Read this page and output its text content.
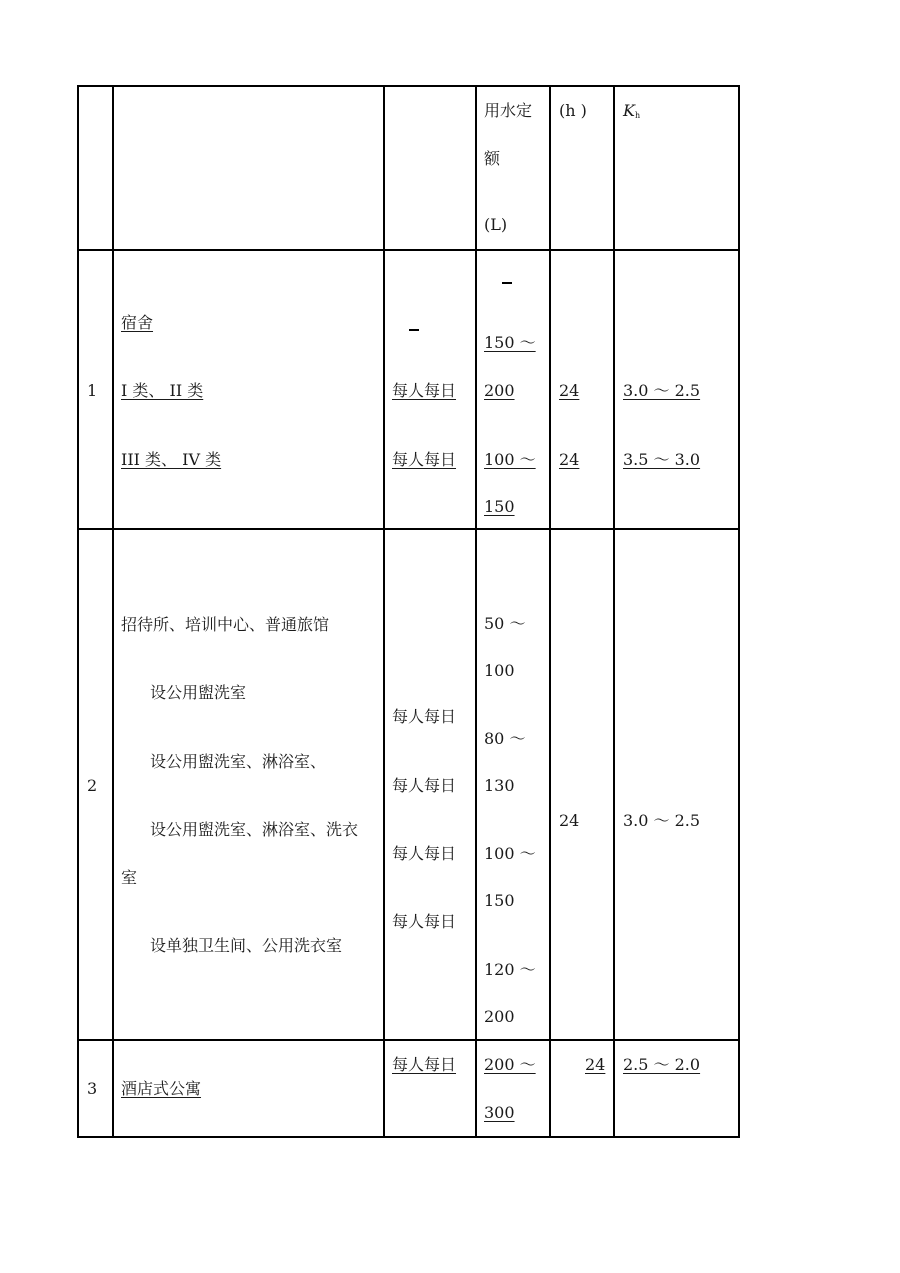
用水定
额
(L)
(h ) $K_h$
1
宿舍
I 类、 II 类
III 类、 IV 类
每人每日
每人每日
150 ～
200
100 ～
150
24
24
3.0 ～ 2.5
3.5 ～ 3.0
2
招待所、培训中心、普通旅馆
设公用盥洗室
设公用盥洗室、淋浴室、
设公用盥洗室、淋浴室、洗衣
室
设单独卫生间、公用洗衣室
每人每日
每人每日
每人每日
每人每日
50 ～
100
80 ～
130
100 ～
150
120 ～
200
24	3.0 ～ 2.5
3 酒店式公寓
每人每日 200 ～
300
24 2.5 ～ 2.0
